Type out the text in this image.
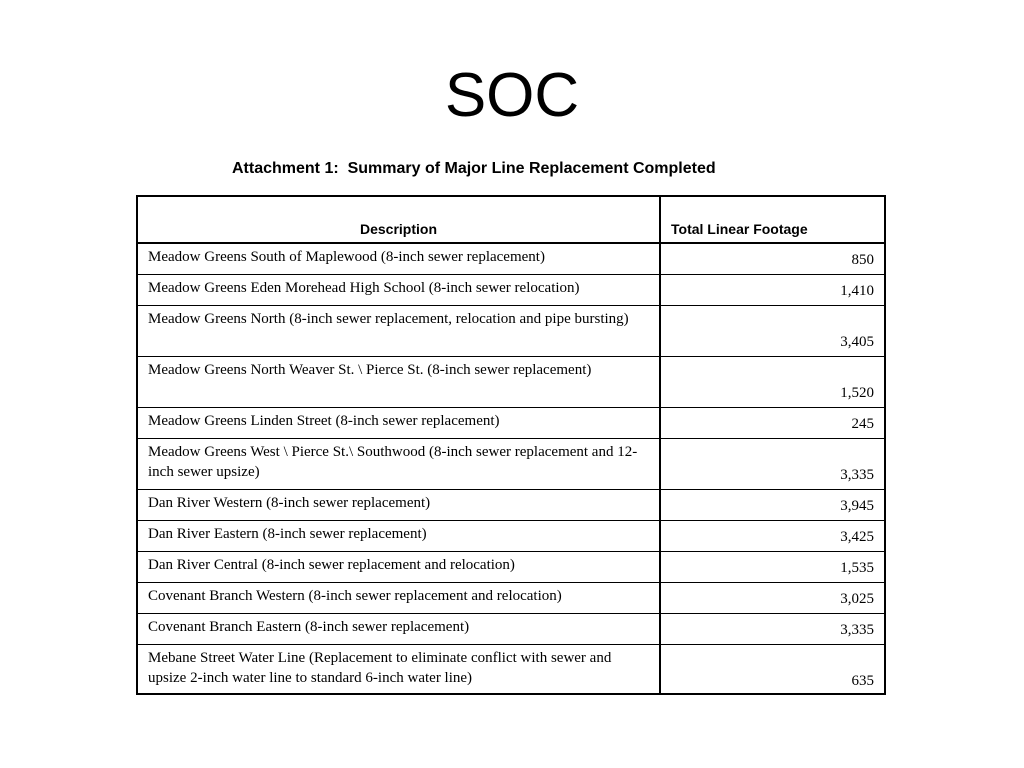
SOC
Attachment 1:  Summary of Major Line Replacement Completed
Description	Total Linear Footage
Meadow Greens South of Maplewood (8-inch sewer replacement)	850
Meadow Greens Eden Morehead High School (8-inch sewer relocation)	1,410
Meadow Greens North (8-inch sewer replacement, relocation and pipe bursting)	3,405
Meadow Greens North Weaver St. \ Pierce St. (8-inch sewer replacement)	1,520
Meadow Greens Linden Street (8-inch sewer replacement)	245
Meadow Greens West \ Pierce St.\ Southwood (8-inch sewer replacement and 12-inch sewer upsize)	3,335
Dan River Western (8-inch sewer replacement)	3,945
Dan River Eastern (8-inch sewer replacement)	3,425
Dan River Central (8-inch sewer replacement and relocation)	1,535
Covenant Branch Western (8-inch sewer replacement and relocation)	3,025
Covenant Branch Eastern (8-inch sewer replacement)	3,335
Mebane Street Water Line (Replacement to eliminate conflict with sewer and upsize 2-inch water line to standard 6-inch water line)	635
